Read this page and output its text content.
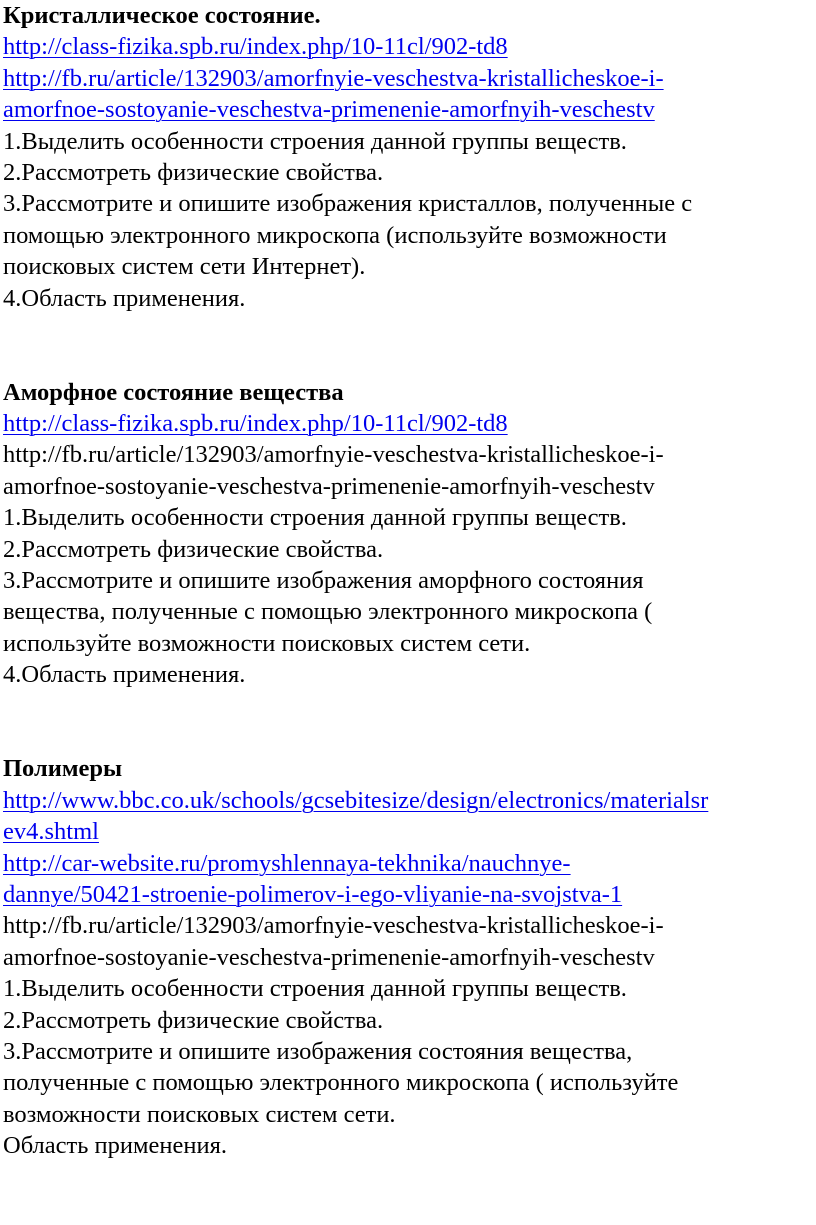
Кристаллическое состояние.
http://class-fizika.spb.ru/index.php/10-11cl/902-td8
http://fb.ru/article/132903/amorfnyie-veschestva-kristallicheskoe-i-
amorfnoe-sostoyanie-veschestva-primenenie-amorfnyih-veschestv
1.Выделить особенности строения данной группы веществ.
2.Рассмотреть физические свойства.
3.Рассмотрите и опишите изображения кристаллов, полученные с
помощью электронного микроскопа (используйте возможности
поисковых систем сети Интернет).
4.Область применения.
Аморфное состояние вещества
http://class-fizika.spb.ru/index.php/10-11cl/902-td8
http://fb.ru/article/132903/amorfnyie-veschestva-kristallicheskoe-i-
amorfnoe-sostoyanie-veschestva-primenenie-amorfnyih-veschestv
1.Выделить особенности строения данной группы веществ.
2.Рассмотреть физические свойства.
3.Рассмотрите и опишите изображения аморфного состояния
вещества, полученные с помощью электронного микроскопа (
используйте возможности поисковых систем сети.
4.Область применения.
Полимеры
http://www.bbc.co.uk/schools/gcsebitesize/design/electronics/materialsr
ev4.shtml
http://car-website.ru/promyshlennaya-tekhnika/nauchnye-
dannye/50421-stroenie-polimerov-i-ego-vliyanie-na-svojstva-1
http://fb.ru/article/132903/amorfnyie-veschestva-kristallicheskoe-i-
amorfnoe-sostoyanie-veschestva-primenenie-amorfnyih-veschestv
1.Выделить особенности строения данной группы веществ.
2.Рассмотреть физические свойства.
3.Рассмотрите и опишите изображения состояния вещества,
полученные с помощью электронного микроскопа ( используйте
возможности поисковых систем сети.
Область применения.
